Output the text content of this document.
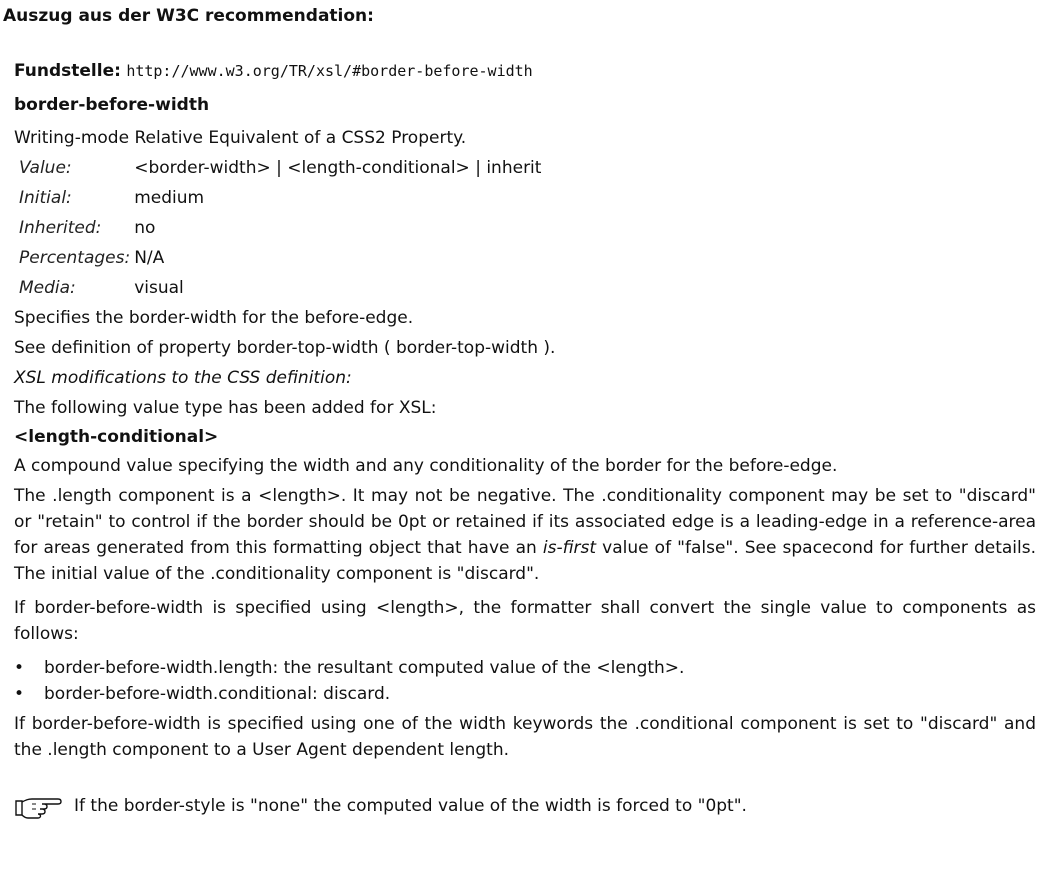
Auszug aus der W3C recommendation:
Fundstelle: http://www.w3.org/TR/xsl/#border-before-width
border-before-width
Writing-mode Relative Equivalent of a CSS2 Property.
Value:	<border-width> | <length-conditional> | inherit
Initial:	medium
Inherited:	no
Percentages:	N/A
Media:	visual
Specifies the border-width for the before-edge.
See definition of property border-top-width ( border-top-width ).
XSL modifications to the CSS definition:
The following value type has been added for XSL:
<length-conditional>
A compound value specifying the width and any conditionality of the border for the before-edge.
The .length component is a <length>. It may not be negative. The .conditionality component may be set to "discard" or "retain" to control if the border should be 0pt or retained if its associated edge is a leading-edge in a reference-area for areas generated from this formatting object that have an is-first value of "false". See spacecond for further details. The initial value of the .conditionality component is "discard".
If border-before-width is specified using <length>, the formatter shall convert the single value to components as follows:
• border-before-width.length: the resultant computed value of the <length>.
• border-before-width.conditional: discard.
If border-before-width is specified using one of the width keywords the .conditional component is set to "discard" and the .length component to a User Agent dependent length.
If the border-style is "none" the computed value of the width is forced to "0pt".
